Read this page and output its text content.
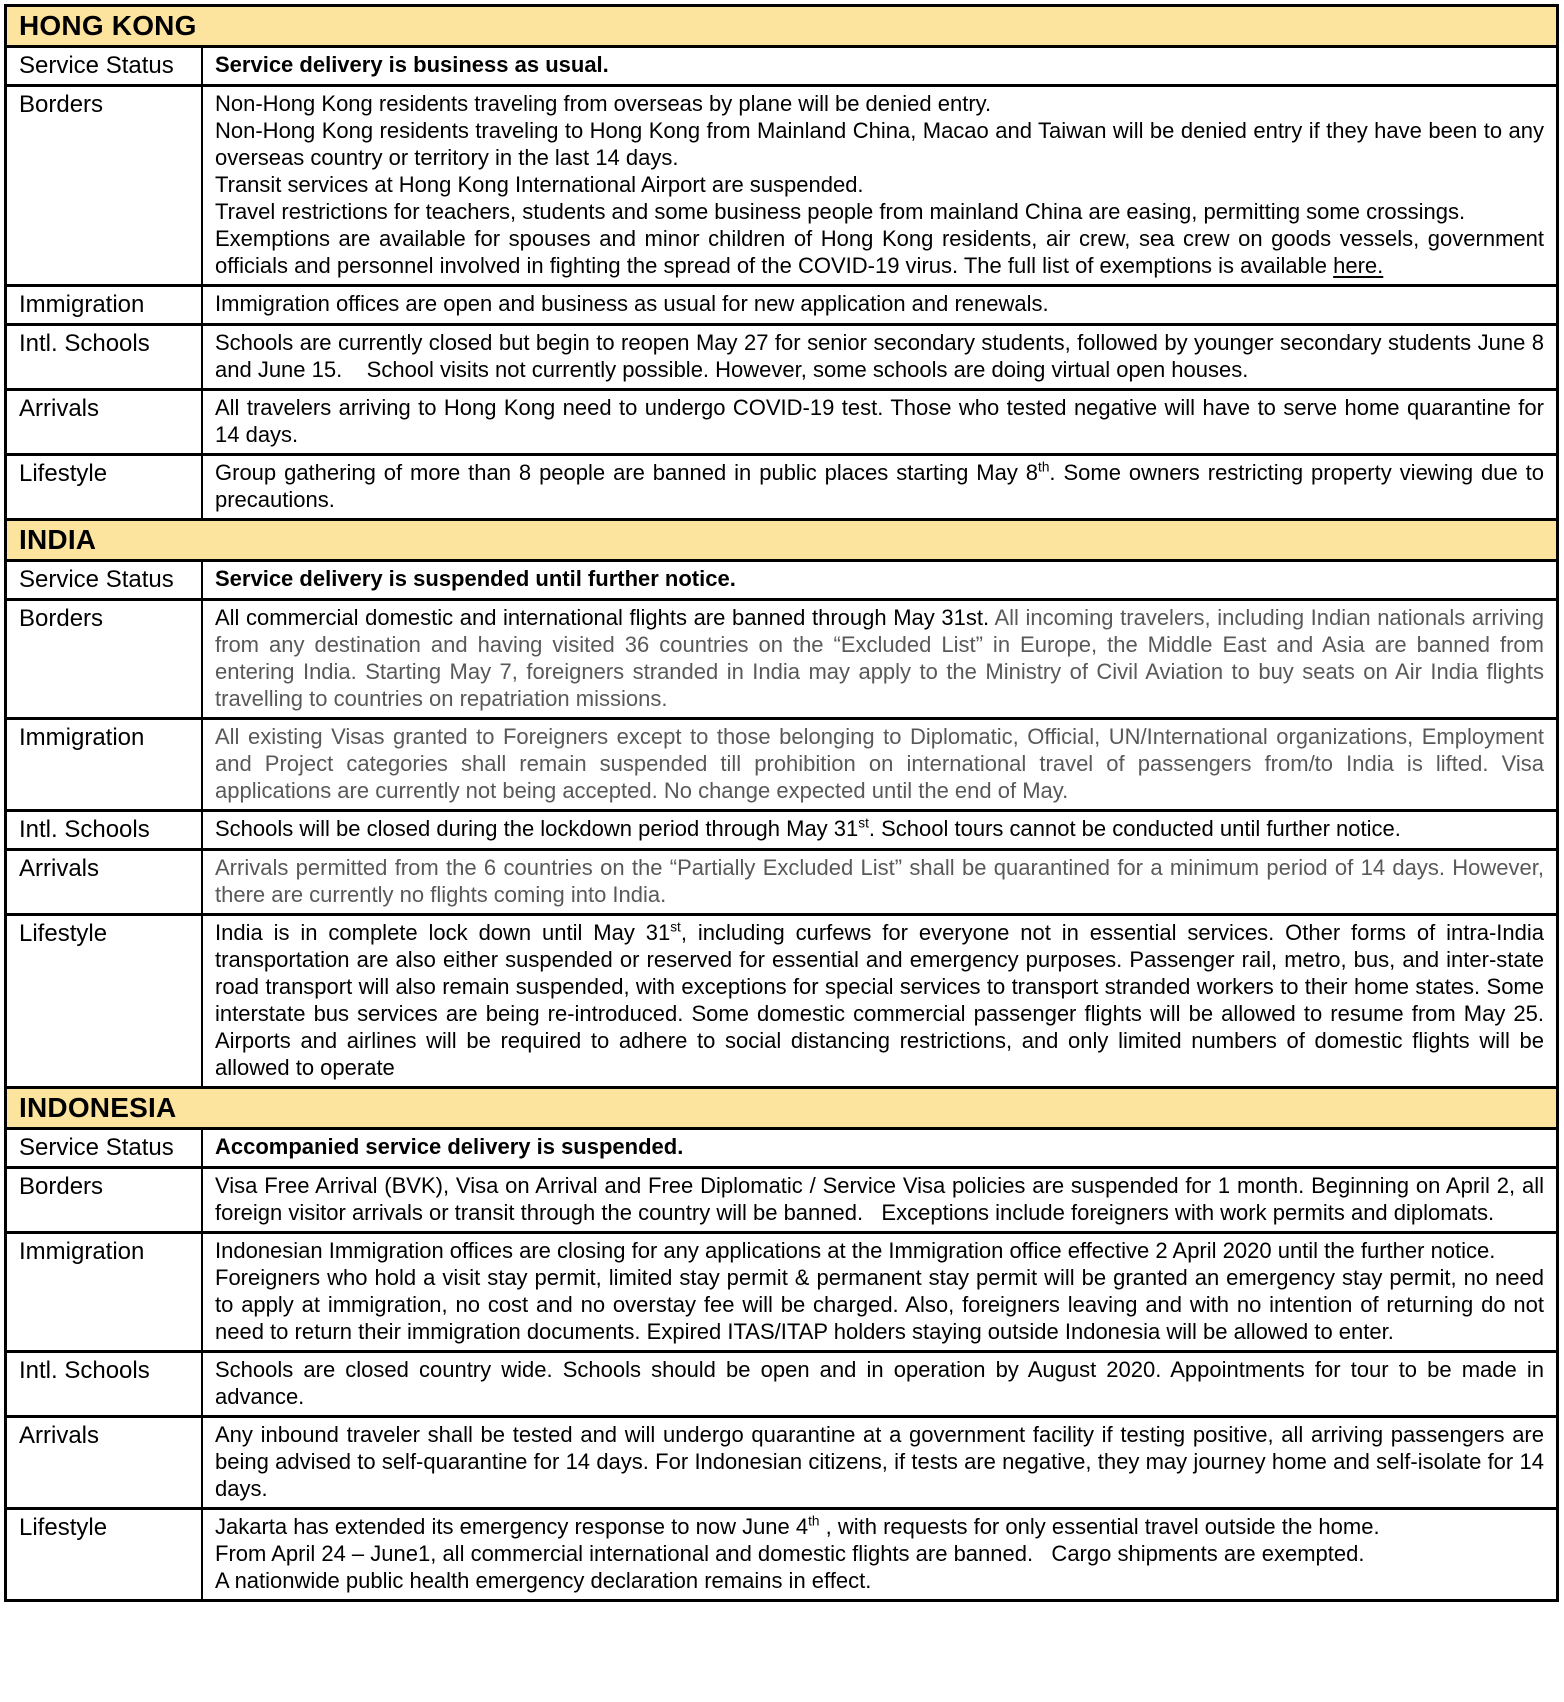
HONG KONG
Service Status	Service delivery is business as usual.

Borders	Non-Hong Kong residents traveling from overseas by plane will be denied entry.

Non-Hong Kong residents traveling to Hong Kong from Mainland China, Macao and Taiwan will be denied entry if they have been to any overseas country or territory in the last 14 days.

Transit services at Hong Kong International Airport are suspended.

Travel restrictions for teachers, students and some business people from mainland China are easing, permitting some crossings.

Exemptions are available for spouses and minor children of Hong Kong residents, air crew, sea crew on goods vessels, government officials and personnel involved in fighting the spread of the COVID-19 virus. The full list of exemptions is available here.

Immigration	Immigration offices are open and business as usual for new application and renewals.

Intl. Schools	Schools are currently closed but begin to reopen May 27 for senior secondary students, followed by younger secondary students June 8 and June 15.    School visits not currently possible. However, some schools are doing virtual open houses.

Arrivals	All travelers arriving to Hong Kong need to undergo COVID-19 test. Those who tested negative will have to serve home quarantine for 14 days.

Lifestyle	Group gathering of more than 8 people are banned in public places starting May 8th. Some owners restricting property viewing due to precautions.

INDIA
Service Status	Service delivery is suspended until further notice.

Borders	All commercial domestic and international flights are banned through May 31st. All incoming travelers, including Indian nationals arriving from any destination and having visited 36 countries on the “Excluded List” in Europe, the Middle East and Asia are banned from entering India. Starting May 7, foreigners stranded in India may apply to the Ministry of Civil Aviation to buy seats on Air India flights travelling to countries on repatriation missions.

Immigration	All existing Visas granted to Foreigners except to those belonging to Diplomatic, Official, UN/International organizations, Employment and Project categories shall remain suspended till prohibition on international travel of passengers from/to India is lifted. Visa applications are currently not being accepted. No change expected until the end of May.

Intl. Schools	Schools will be closed during the lockdown period through May 31st. School tours cannot be conducted until further notice.

Arrivals	Arrivals permitted from the 6 countries on the “Partially Excluded List” shall be quarantined for a minimum period of 14 days. However, there are currently no flights coming into India.

Lifestyle	India is in complete lock down until May 31st, including curfews for everyone not in essential services. Other forms of intra-India transportation are also either suspended or reserved for essential and emergency purposes. Passenger rail, metro, bus, and inter-state road transport will also remain suspended, with exceptions for special services to transport stranded workers to their home states. Some interstate bus services are being re-introduced. Some domestic commercial passenger flights will be allowed to resume from May 25. Airports and airlines will be required to adhere to social distancing restrictions, and only limited numbers of domestic flights will be allowed to operate

INDONESIA
Service Status	Accompanied service delivery is suspended.

Borders	Visa Free Arrival (BVK), Visa on Arrival and Free Diplomatic / Service Visa policies are suspended for 1 month. Beginning on April 2, all foreign visitor arrivals or transit through the country will be banned.   Exceptions include foreigners with work permits and diplomats.

Immigration	Indonesian Immigration offices are closing for any applications at the Immigration office effective 2 April 2020 until the further notice.

Foreigners who hold a visit stay permit, limited stay permit & permanent stay permit will be granted an emergency stay permit, no need to apply at immigration, no cost and no overstay fee will be charged. Also, foreigners leaving and with no intention of returning do not need to return their immigration documents. Expired ITAS/ITAP holders staying outside Indonesia will be allowed to enter.

Intl. Schools	Schools are closed country wide. Schools should be open and in operation by August 2020. Appointments for tour to be made in advance.

Arrivals	Any inbound traveler shall be tested and will undergo quarantine at a government facility if testing positive, all arriving passengers are being advised to self-quarantine for 14 days. For Indonesian citizens, if tests are negative, they may journey home and self-isolate for 14 days.

Lifestyle	Jakarta has extended its emergency response to now June 4th , with requests for only essential travel outside the home.

From April 24 – June1, all commercial international and domestic flights are banned.   Cargo shipments are exempted.

A nationwide public health emergency declaration remains in effect.
